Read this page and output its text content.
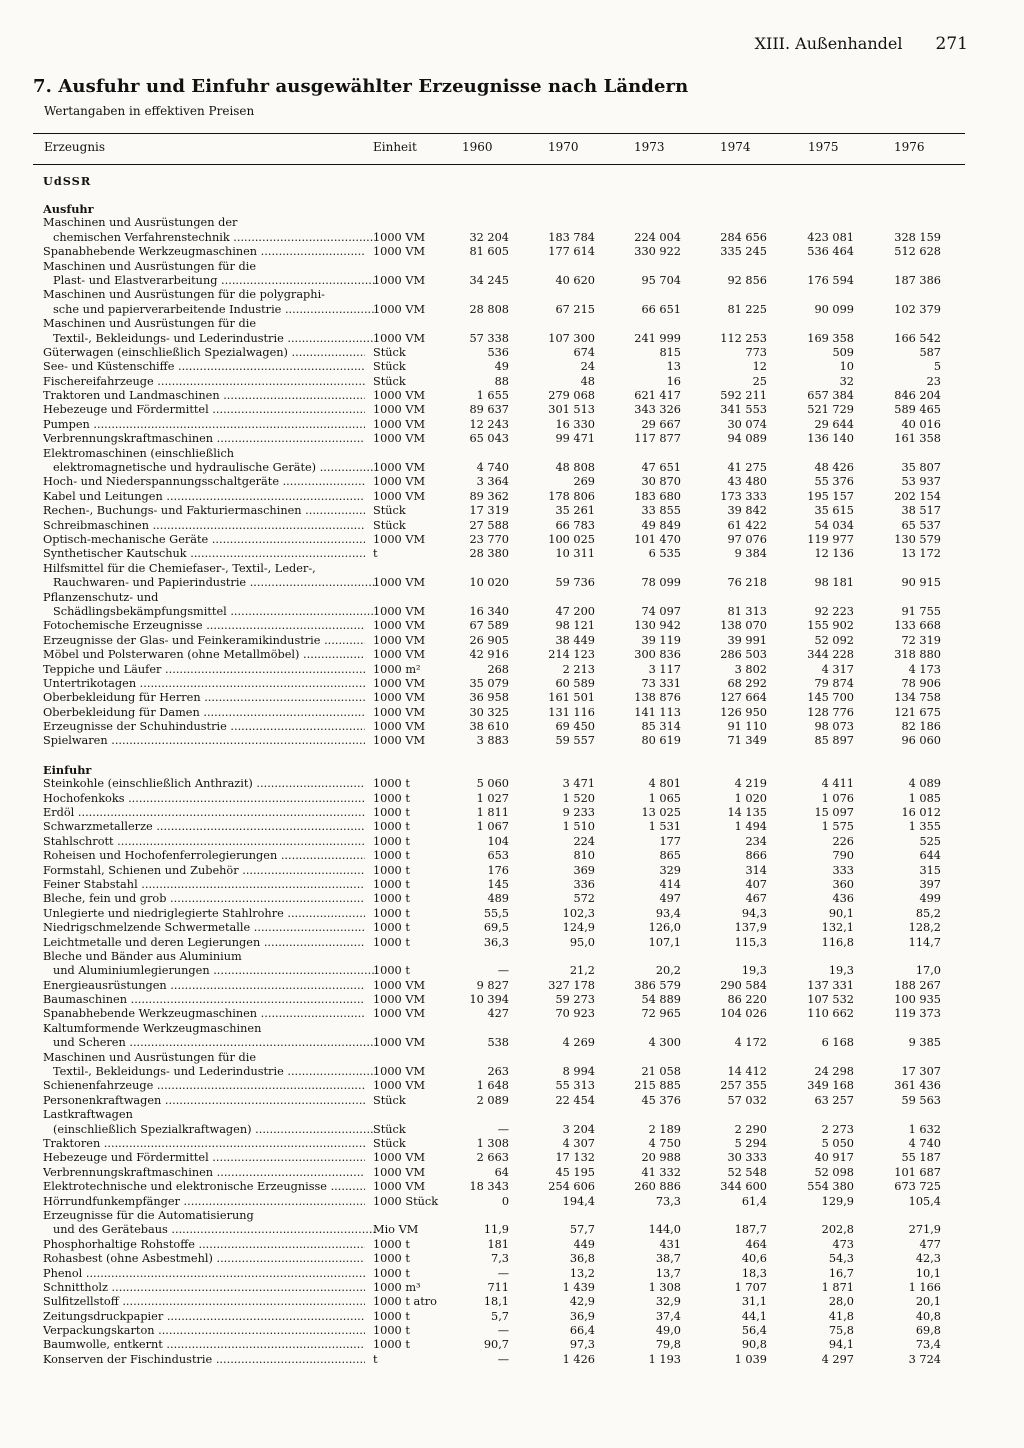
XIII. Außenhandel 271
7. Ausfuhr und Einfuhr ausgewählter Erzeugnisse nach Ländern
Wertangaben in effektiven Preisen
Erzeugnis	Einheit	1960	1970	1973	1974	1975	1976
UdSSR
Ausfuhr
Maschinen und Ausrüstungen der
chemischen Verfahrenstechnik .....	1000 VM	32 204	183 784	224 004	284 656	423 081	328 159
Spanabhebende Werkzeugmaschinen .....	1000 VM	81 605	177 614	330 922	335 245	536 464	512 628
Maschinen und Ausrüstungen für die
Plast- und Elastverarbeitung .....	1000 VM	34 245	40 620	95 704	92 856	176 594	187 386
Maschinen und Ausrüstungen für die polygraphi-
sche und papierverarbeitende Industrie .....	1000 VM	28 808	67 215	66 651	81 225	90 099	102 379
Maschinen und Ausrüstungen für die
Textil-, Bekleidungs- und Lederindustrie .....	1000 VM	57 338	107 300	241 999	112 253	169 358	166 542
Güterwagen (einschließlich Spezialwagen) .....	Stück	536	674	815	773	509	587
See- und Küstenschiffe .....	Stück	49	24	13	12	10	5
Fischereifahrzeuge .....	Stück	88	48	16	25	32	23
Traktoren und Landmaschinen .....	1000 VM	1 655	279 068	621 417	592 211	657 384	846 204
Hebezeuge und Fördermittel .....	1000 VM	89 637	301 513	343 326	341 553	521 729	589 465
Pumpen .....	1000 VM	12 243	16 330	29 667	30 074	29 644	40 016
Verbrennungskraftmaschinen .....	1000 VM	65 043	99 471	117 877	94 089	136 140	161 358
Elektromaschinen (einschließlich
elektromagnetische und hydraulische Geräte) .....	1000 VM	4 740	48 808	47 651	41 275	48 426	35 807
Hoch- und Niederspannungsschaltgeräte .....	1000 VM	3 364	269	30 870	43 480	55 376	53 937
Kabel und Leitungen .....	1000 VM	89 362	178 806	183 680	173 333	195 157	202 154
Rechen-, Buchungs- und Fakturiermaschinen .....	Stück	17 319	35 261	33 855	39 842	35 615	38 517
Schreibmaschinen .....	Stück	27 588	66 783	49 849	61 422	54 034	65 537
Optisch-mechanische Geräte .....	1000 VM	23 770	100 025	101 470	97 076	119 977	130 579
Synthetischer Kautschuk .....	t	28 380	10 311	6 535	9 384	12 136	13 172
Hilfsmittel für die Chemiefaser-, Textil-, Leder-,
Rauchwaren- und Papierindustrie .....	1000 VM	10 020	59 736	78 099	76 218	98 181	90 915
Pflanzenschutz- und
Schädlingsbekämpfungsmittel .....	1000 VM	16 340	47 200	74 097	81 313	92 223	91 755
Fotochemische Erzeugnisse .....	1000 VM	67 589	98 121	130 942	138 070	155 902	133 668
Erzeugnisse der Glas- und Feinkeramikindustrie .....	1000 VM	26 905	38 449	39 119	39 991	52 092	72 319
Möbel und Polsterwaren (ohne Metallmöbel) .....	1000 VM	42 916	214 123	300 836	286 503	344 228	318 880
Teppiche und Läufer .....	1000 m²	268	2 213	3 117	3 802	4 317	4 173
Untertrikotagen .....	1000 VM	35 079	60 589	73 331	68 292	79 874	78 906
Oberbekleidung für Herren .....	1000 VM	36 958	161 501	138 876	127 664	145 700	134 758
Oberbekleidung für Damen .....	1000 VM	30 325	131 116	141 113	126 950	128 776	121 675
Erzeugnisse der Schuhindustrie .....	1000 VM	38 610	69 450	85 314	91 110	98 073	82 186
Spielwaren .....	1000 VM	3 883	59 557	80 619	71 349	85 897	96 060
Einfuhr
Steinkohle (einschließlich Anthrazit) .....	1000 t	5 060	3 471	4 801	4 219	4 411	4 089
Hochofenkoks .....	1000 t	1 027	1 520	1 065	1 020	1 076	1 085
Erdöl .....	1000 t	1 811	9 233	13 025	14 135	15 097	16 012
Schwarzmetallerze .....	1000 t	1 067	1 510	1 531	1 494	1 575	1 355
Stahlschrott .....	1000 t	104	224	177	234	226	525
Roheisen und Hochofenferrolegierungen .....	1000 t	653	810	865	866	790	644
Formstahl, Schienen und Zubehör .....	1000 t	176	369	329	314	333	315
Feiner Stabstahl .....	1000 t	145	336	414	407	360	397
Bleche, fein und grob .....	1000 t	489	572	497	467	436	499
Unlegierte und niedriglegierte Stahlrohre .....	1000 t	55,5	102,3	93,4	94,3	90,1	85,2
Niedrigschmelzende Schwermetalle .....	1000 t	69,5	124,9	126,0	137,9	132,1	128,2
Leichtmetalle und deren Legierungen .....	1000 t	36,3	95,0	107,1	115,3	116,8	114,7
Bleche und Bänder aus Aluminium
und Aluminiumlegierungen .....	1000 t	—	21,2	20,2	19,3	19,3	17,0
Energieausrüstungen .....	1000 VM	9 827	327 178	386 579	290 584	137 331	188 267
Baumaschinen .....	1000 VM	10 394	59 273	54 889	86 220	107 532	100 935
Spanabhebende Werkzeugmaschinen .....	1000 VM	427	70 923	72 965	104 026	110 662	119 373
Kaltumformende Werkzeugmaschinen
und Scheren .....	1000 VM	538	4 269	4 300	4 172	6 168	9 385
Maschinen und Ausrüstungen für die
Textil-, Bekleidungs- und Lederindustrie .....	1000 VM	263	8 994	21 058	14 412	24 298	17 307
Schienenfahrzeuge .....	1000 VM	1 648	55 313	215 885	257 355	349 168	361 436
Personenkraftwagen .....	Stück	2 089	22 454	45 376	57 032	63 257	59 563
Lastkraftwagen
(einschließlich Spezialkraftwagen) .....	Stück	—	3 204	2 189	2 290	2 273	1 632
Traktoren .....	Stück	1 308	4 307	4 750	5 294	5 050	4 740
Hebezeuge und Fördermittel .....	1000 VM	2 663	17 132	20 988	30 333	40 917	55 187
Verbrennungskraftmaschinen .....	1000 VM	64	45 195	41 332	52 548	52 098	101 687
Elektrotechnische und elektronische Erzeugnisse .....	1000 VM	18 343	254 606	260 886	344 600	554 380	673 725
Hörrundfunkempfänger .....	1000 Stück	0	194,4	73,3	61,4	129,9	105,4
Erzeugnisse für die Automatisierung
und des Gerätebaus .....	Mio VM	11,9	57,7	144,0	187,7	202,8	271,9
Phosphorhaltige Rohstoffe .....	1000 t	181	449	431	464	473	477
Rohasbest (ohne Asbestmehl) .....	1000 t	7,3	36,8	38,7	40,6	54,3	42,3
Phenol .....	1000 t	—	13,2	13,7	18,3	16,7	10,1
Schnittholz .....	1000 m³	711	1 439	1 308	1 707	1 871	1 166
Sulfitzellstoff .....	1000 t atro	18,1	42,9	32,9	31,1	28,0	20,1
Zeitungsdruckpapier .....	1000 t	5,7	36,9	37,4	44,1	41,8	40,8
Verpackungskarton .....	1000 t	—	66,4	49,0	56,4	75,8	69,8
Baumwolle, entkernt .....	1000 t	90,7	97,3	79,8	90,8	94,1	73,4
Konserven der Fischindustrie .....	t	—	1 426	1 193	1 039	4 297	3 724
